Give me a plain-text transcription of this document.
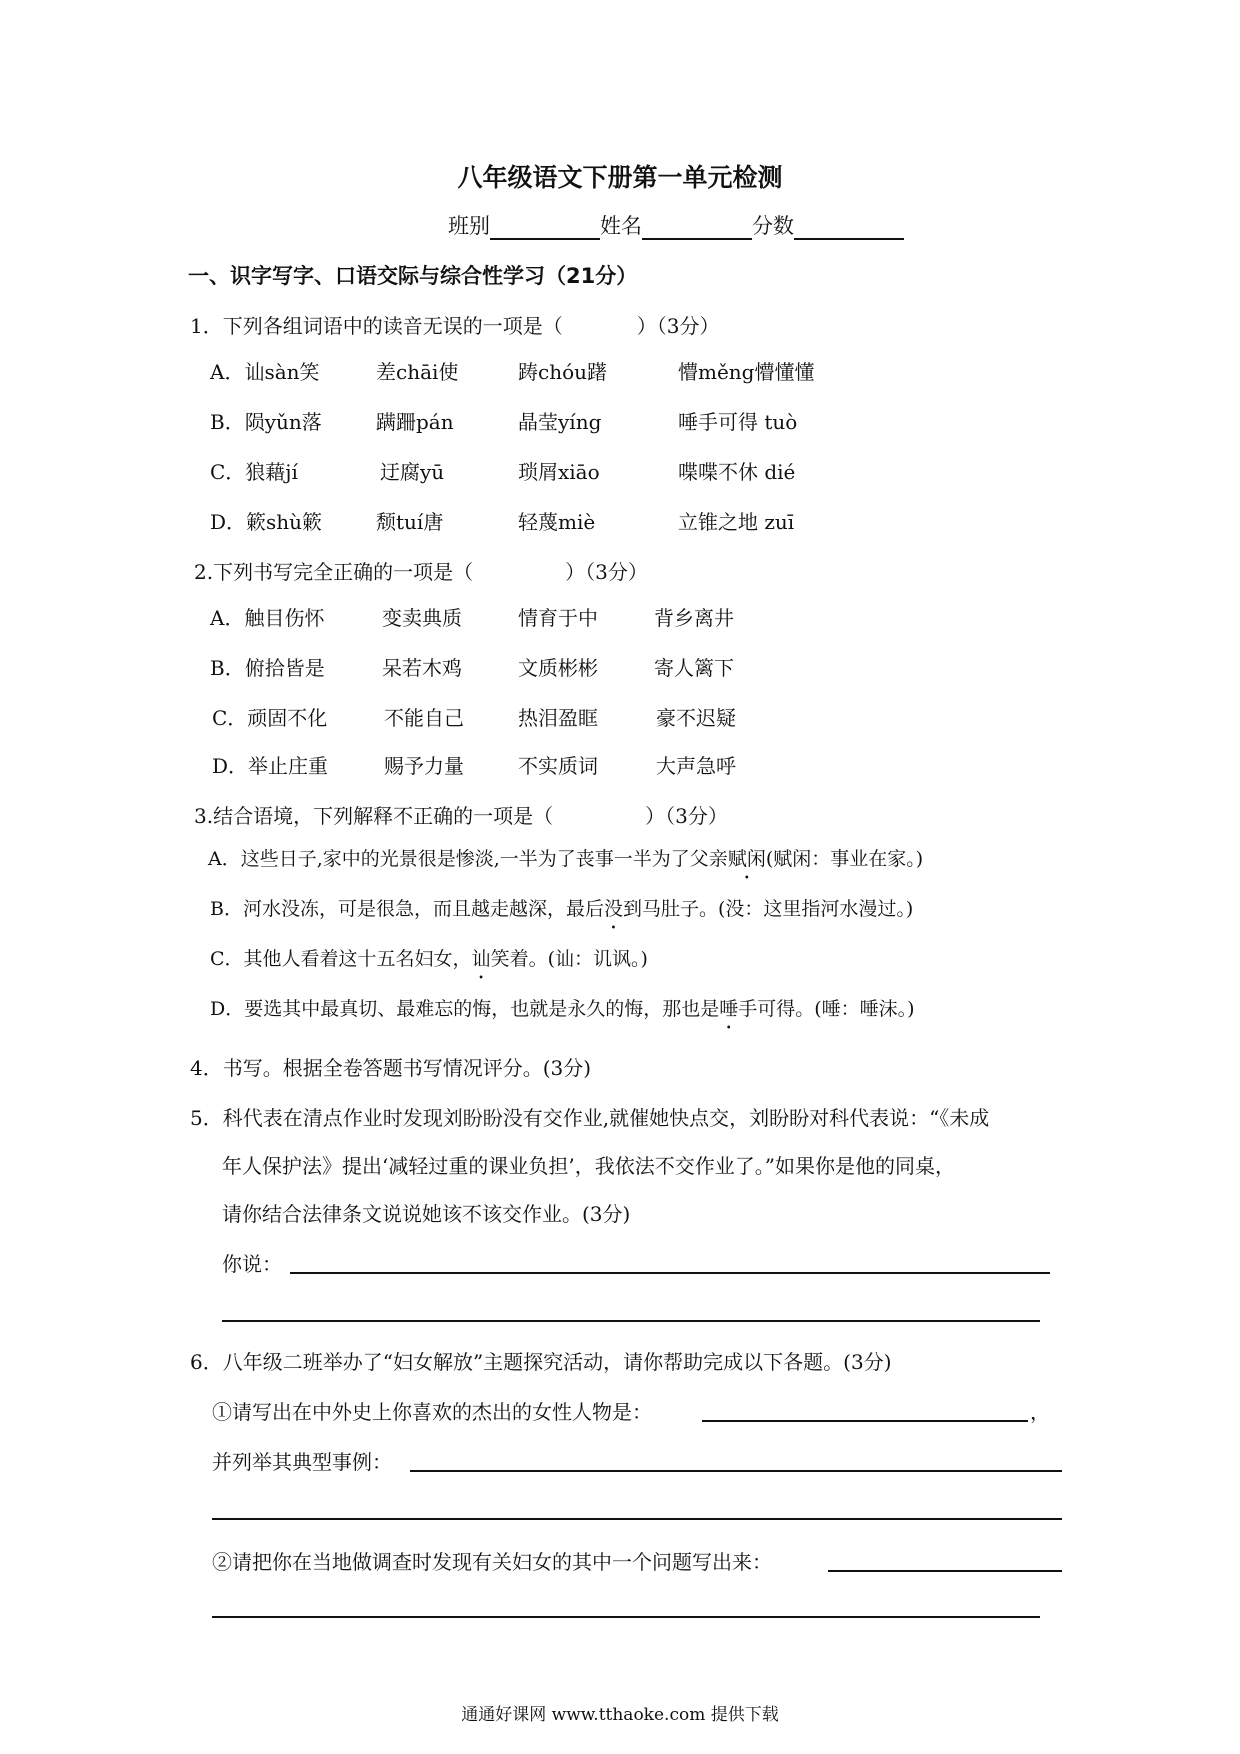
八年级语文下册第一单元检测
班别	姓名	分数
一、识字写字、口语交际与综合性学习（21分）
1．下列各组词语中的读音无误的一项是（	）（3分）
A．讪sàn笑	差chāi使	踌chóu躇	懵měng懵懂懂
B．陨yǔn落	蹒跚pán	晶莹yíng	唾手可得 tuò
C．狼藉jí	迂腐yū	琐屑xiāo	喋喋不休 dié
D．簌shù簌	颓tuí唐	轻蔑miè	立锥之地 zuī
2.下列书写完全正确的一项是（	）（3分）
A．触目伤怀	变卖典质	情育于中	背乡离井
B．俯拾皆是	呆若木鸡	文质彬彬	寄人篱下
C．顽固不化	不能自己	热泪盈眶	豪不迟疑
D．举止庄重	赐予力量	不实质词	大声急呼
3.结合语境，下列解释不正确的一项是（	）（3分）
A．这些日子,家中的光景很是惨淡,一半为了丧事一半为了父亲赋闲(赋闲：事业在家。)
B．河水没冻，可是很急，而且越走越深，最后没到马肚子。(没：这里指河水漫过。)
C．其他人看着这十五名妇女，讪笑着。(讪：讥讽。)
D．要选其中最真切、最难忘的悔，也就是永久的悔，那也是唾手可得。(唾：唾沫。)
4．书写。根据全卷答题书写情况评分。(3分)
5．科代表在清点作业时发现刘盼盼没有交作业,就催她快点交，刘盼盼对科代表说：“《未成
年人保护法》提出‘减轻过重的课业负担’，我依法不交作业了。”如果你是他的同桌，
请你结合法律条文说说她该不该交作业。(3分)
你说：
6．八年级二班举办了“妇女解放”主题探究活动，请你帮助完成以下各题。(3分)
①请写出在中外史上你喜欢的杰出的女性人物是：	，
并列举其典型事例：
②请把你在当地做调查时发现有关妇女的其中一个问题写出来：
通通好课网 www.tthaoke.com 提供下载
